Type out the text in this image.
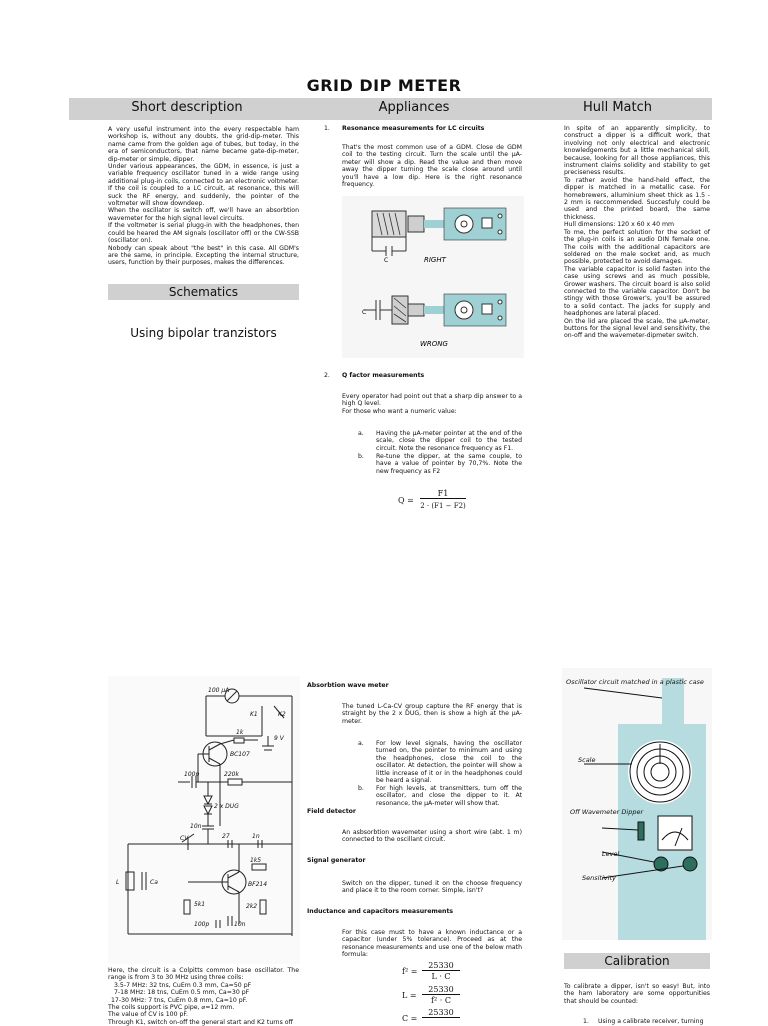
GRID DIP METER
Short description	Appliances	Hull Match

A very useful instrument into the every respectable ham workshop is, without any doubts, the grid-dip-meter. This name came from the golden age of tubes, but today, in the era of semiconductors, that name became gate-dip-meter, dip-meter or simple, dipper.

Under various appearances, the GDM, in essence, is just a variable frequency oscillator tuned in a wide range using additional plug-in coils, connected to an electronic voltmeter. If the coil is coupled to a LC circuit, at resonance, this will suck the RF energy, and suddenly, the pointer of the voltmeter will show downdeep.

When the oscillator is switch off, we'll have an absorbtion wavemeter for the high signal level circuits.

If the voltmeter is serial plugg-in with the headphones, then could be heared the AM signals (oscillator off) or the CW-SSB (oscillator on).

Nobody can speak about "the best" in this case. All GDM's are the same, in principle. Excepting the internal structure, users, function by their purposes, makes the differences.

Schematics
Using bipolar tranzistors
1. Resonance measurements for LC circuits
That's the most common use of a GDM. Close de GDM coil to the testing circuit. Turn the scale until the µA-meter will show a dip. Read the value and then move away the dipper turning the scale close around until you'll have a low dip. Here is the right resonance frequency.
C	RIGHT
C
WRONG
2. Q factor measurements
Every operator had point out that a sharp dip answer to a high Q level.
For those who want a numeric value:
a. Having the µA-meter pointer at the end of the scale, close the dipper coil to the tested circuit. Note the resonance frequency as F1.
b. Re-tune the dipper, at the same couple, to have a value of pointer by 70,7%. Note the new frequency as F2
Q =
F1
2 · (F1 − F2)

In spite of an apparently simplicity, to construct a dipper is a difficult work, that involving not only electrical and electronic knowledgements but a little mechanical skill, because, looking for all those appliances, this instrument claims solidity and stability to get preciseness results.

To rather avoid the hand-held effect, the dipper is matched in a metallic case. For homebrewers, alluminium sheet thick as 1.5 - 2 mm is reccommended. Succesfuly could be used and the printed board, the same thickness.

Hull dimensions: 120 x 60 x 40 mm

To me, the perfect solution for the socket of the plug-in coils is an audio DIN female one. The coils with the additional capacitors are soldered on the male socket and, as much possible, protected to avoid damages.

The variable capacitor is solid fasten into the case using screws and as much possible, Grower washers. The circuit board is also solid connected to the variable capacitor. Don't be stingy with those Grower's, you'll be assured to a solid contact. The jacks for supply and headphones are lateral placed.

On the lid are placed the scale, the µA-meter, buttons for the signal level and sensitivity, the on-off and the wavemeter-dipmeter switch.

100 µA
K1	K2
9 V
1k
BC107
100p	220k
2 x DUG
10n
CV	27	1n
1k5
BF214
L	Ca
5k1	2k2
100p	10n

Here, the circuit is a Colpitts common base oscillator. The range is from 3 to 30 MHz using three coils:

3.5-7 MHz: 32 tns, CuEm 0.3 mm, Ca=50 pF

7-18 MHz: 18 tns, CuEm 0.5 mm, Ca=30 pF

17-30 MHz: 7 tns, CuEm 0.8 mm, Ca=10 pF.

The coils support is PVC pipe, ⌀=12 mm.

The value of CV is 100 pF.

Through K1, switch on-off the general start and K2 turns off

Absorbtion wave meter
The tuned L-Ca-CV group capture the RF energy that is straight by the 2 x DUG, then is show a high at the µA-meter.
a. For low level signals, having the oscillator turned on, the pointer to minimum and using the headphones, close the coil to the oscillator. At detection, the pointer will show a little increase of it or in the headphones could be heard a signal.
b. For high levels, at transmitters, turn off the oscillator, and close the dipper to it. At resonance, the µA-meter will show that.
Field detector
An asbsorbtion wavemeter using a short wire (abt. 1 m) connected to the oscillant circuit.
Signal generator
Switch on the dipper, tuned it on the choose frequency and place it to the room corner. Simple, isn't?
Inductance and capacitors measurements
For this case must to have a known inductance or a capacitor (under 5% tolerance). Proceed as at the resonance measurements and use one of the below math formula:
f² =
25330
L · C
L =
25330
f² · C
C =
25330
Oscillator circuit matched in a plastic case
Scale
Off Wavemeter Dipper
Level
Sensitivity
Calibration
To calibrate a dipper, isn't so easy! But, into the ham laboratory are some opportunities that should be counted:
1. Using a calibrate receiver, turning
